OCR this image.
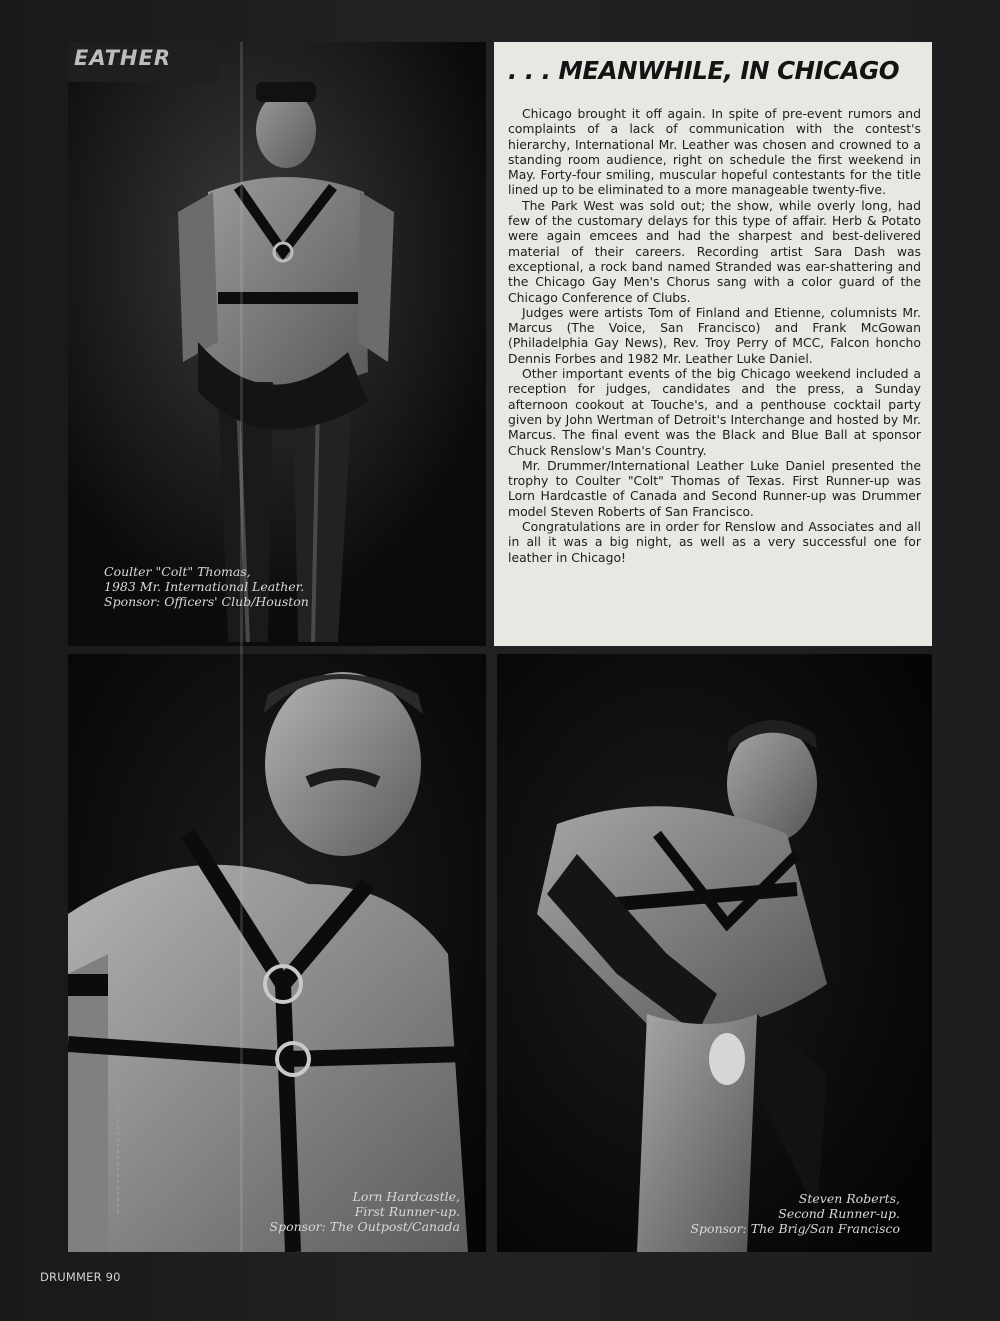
EATHER	. . . MEANWHILE, IN CHICAGO

Chicago brought it off again. In spite of pre-event rumors and complaints of a lack of communication with the contest's hierarchy, International Mr. Leather was chosen and crowned to a standing room audience, right on schedule the first weekend in May. Forty-four smiling, muscular hopeful contestants for the title lined up to be eliminated to a more manageable twenty-five.

The Park West was sold out; the show, while overly long, had few of the customary delays for this type of affair. Herb & Potato were again emcees and had the sharpest and best-delivered material of their careers. Recording artist Sara Dash was exceptional, a rock band named Stranded was ear-shattering and the Chicago Gay Men's Chorus sang with a color guard of the Chicago Conference of Clubs.

Judges were artists Tom of Finland and Etienne, columnists Mr. Marcus (The Voice, San Francisco) and Frank McGowan (Philadelphia Gay News), Rev. Troy Perry of MCC, Falcon honcho Dennis Forbes and 1982 Mr. Leather Luke Daniel.

Other important events of the big Chicago weekend included a reception for judges, candidates and the press, a Sunday afternoon cookout at Touche's, and a penthouse cocktail party given by John Wertman of Detroit's Interchange and hosted by Mr. Marcus. The final event was the Black and Blue Ball at sponsor Chuck Renslow's Man's Country.

Mr. Drummer/International Leather Luke Daniel presented the trophy to Coulter "Colt" Thomas of Texas. First Runner-up was Lorn Hardcastle of Canada and Second Runner-up was Drummer model Steven Roberts of San Francisco.

Congratulations are in order for Renslow and Associates and all in all it was a big night, as well as a very successful one for leather in Chicago!

Lorn Hardcastle,
First Runner-up.
Sponsor: The Outpost/Canada
Steven Roberts,
Second Runner-up.
Sponsor: The Brig/San Francisco
Coulter "Colt" Thomas,
1983 Mr. International Leather.
Sponsor: Officers' Club/Houston
DRUMMER 90
